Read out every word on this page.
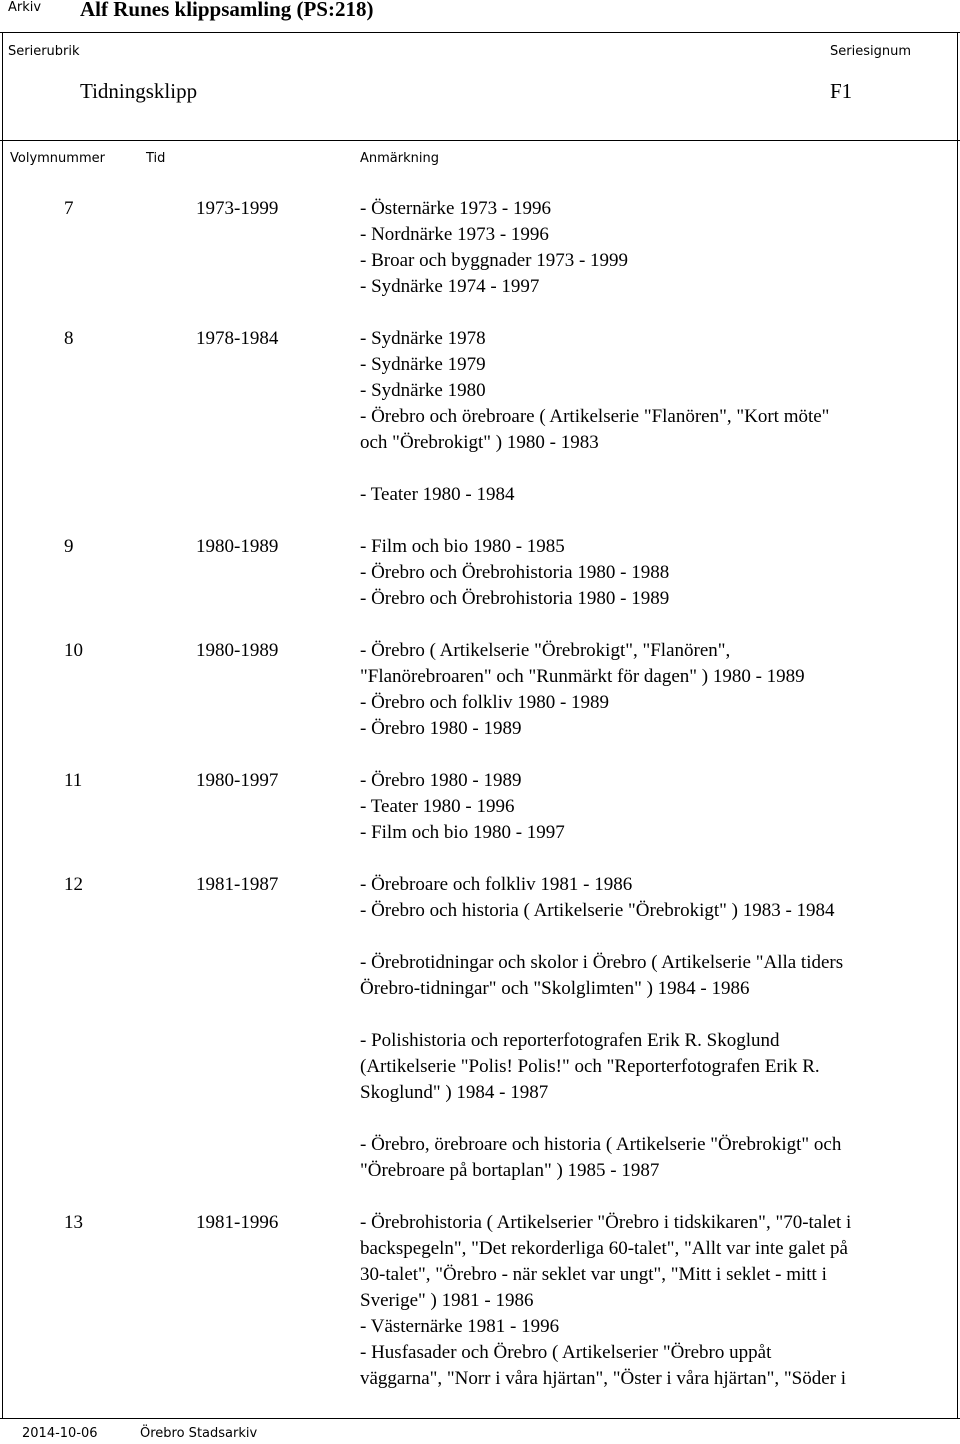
Arkiv Alf Runes klippsamling (PS:218)
Serierubrik
Tidningsklipp
Seriesignum
F1
Volymnummer	Tid	Anmärkning
7	1973-1999	- Östernärke 1973 - 1996
- Nordnärke 1973 - 1996
- Broar och byggnader 1973 - 1999
- Sydnärke 1974 - 1997
8	1978-1984	- Sydnärke 1978
- Sydnärke 1979
- Sydnärke 1980
- Örebro och örebroare ( Artikelserie "Flanören", "Kort möte"
och "Örebrokigt" ) 1980 - 1983
- Teater 1980 - 1984
9	1980-1989	- Film och bio 1980 - 1985
- Örebro och Örebrohistoria 1980 - 1988
- Örebro och Örebrohistoria 1980 - 1989
10	1980-1989	- Örebro ( Artikelserie "Örebrokigt", "Flanören",
"Flanörebroaren" och "Runmärkt för dagen" ) 1980 - 1989
- Örebro och folkliv 1980 - 1989
- Örebro 1980 - 1989
11	1980-1997	- Örebro 1980 - 1989
- Teater 1980 - 1996
- Film och bio 1980 - 1997
12	1981-1987	- Örebroare och folkliv 1981 - 1986
- Örebro och historia ( Artikelserie "Örebrokigt" ) 1983 - 1984
- Örebrotidningar och skolor i Örebro ( Artikelserie "Alla tiders
Örebro-tidningar" och "Skolglimten" ) 1984 - 1986
- Polishistoria och reporterfotografen Erik R. Skoglund
(Artikelserie "Polis! Polis!" och "Reporterfotografen Erik R.
Skoglund" ) 1984 - 1987
- Örebro, örebroare och historia ( Artikelserie "Örebrokigt" och
"Örebroare på bortaplan" ) 1985 - 1987
13	1981-1996	- Örebrohistoria ( Artikelserier "Örebro i tidskikaren", "70-talet i
backspegeln", "Det rekorderliga 60-talet", "Allt var inte galet på
30-talet", "Örebro - när seklet var ungt", "Mitt i seklet - mitt i
Sverige" ) 1981 - 1986
- Västernärke 1981 - 1996
- Husfasader och Örebro ( Artikelserier "Örebro uppåt
väggarna", "Norr i våra hjärtan", "Öster i våra hjärtan", "Söder i
2014-10-06	Örebro Stadsarkiv
